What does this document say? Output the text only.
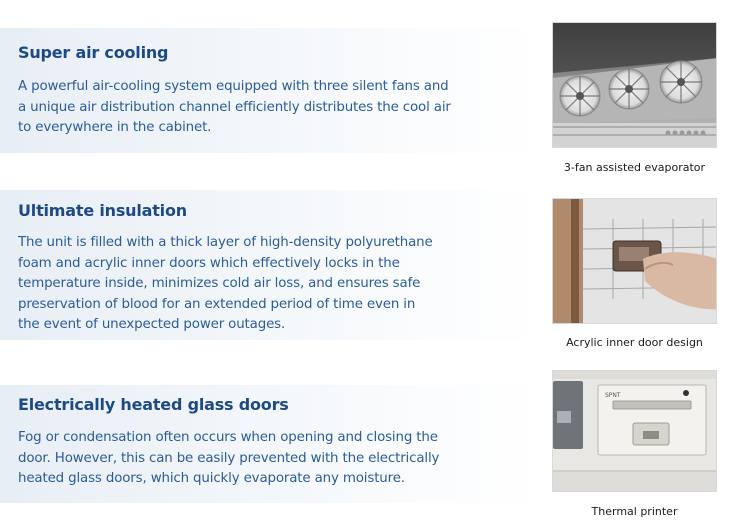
Super air cooling
A powerful air-cooling system equipped with three silent fans and
a unique air distribution channel efficiently distributes the cool air
to everywhere in the cabinet.
Ultimate insulation
The unit is filled with a thick layer of high-density polyurethane
foam and acrylic inner doors which effectively locks in the
temperature inside, minimizes cold air loss, and ensures safe
preservation of blood for an extended period of time even in
the event of unexpected power outages.
Electrically heated glass doors
Fog or condensation often occurs when opening and closing the
door. However, this can be easily prevented with the electrically
heated glass doors, which quickly evaporate any moisture.
3-fan assisted evaporator
Acrylic inner door design
SPNT
Thermal printer
